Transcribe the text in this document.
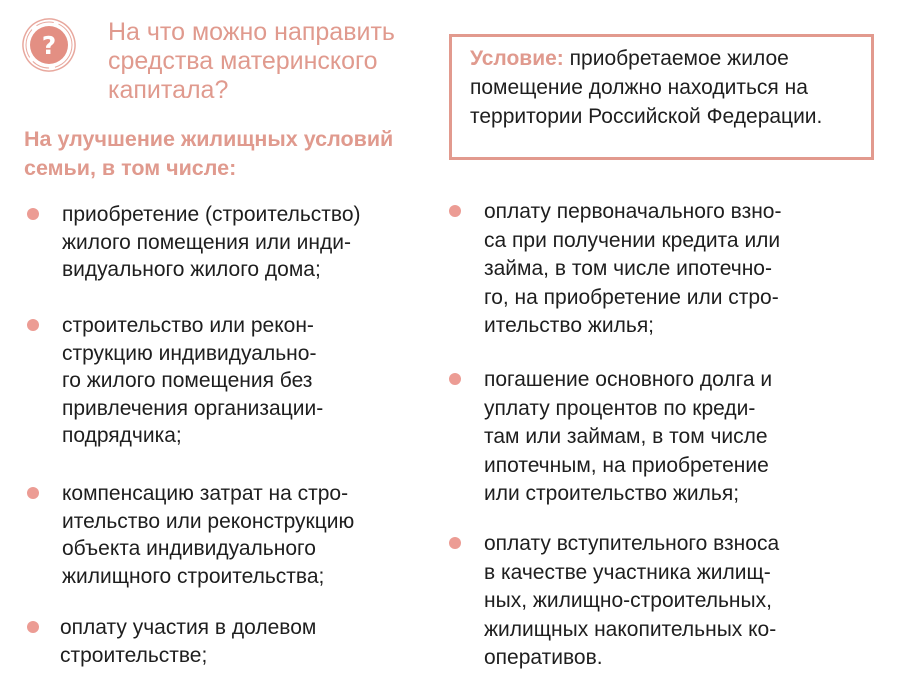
? На что можно направить средства материнского капитала?
На улучшение жилищных условий семьи, в том числе:
Условие: приобретаемое жилое помещение должно находиться на территории Российской Федерации.
приобретение (строительство)
жилого помещения или инди-
видуального жилого дома;
строительство или рекон-
струкцию индивидуально-
го жилого помещения без
привлечения организации-
подрядчика;
компенсацию затрат на стро-
ительство или реконструкцию
объекта индивидуального
жилищного строительства;
оплату участия в долевом
строительстве;
оплату первоначального взно-
са при получении кредита или
займа, в том числе ипотечно-
го, на приобретение или стро-
ительство жилья;
погашение основного долга и
уплату процентов по креди-
там или займам, в том числе
ипотечным, на приобретение
или строительство жилья;
оплату вступительного взноса
в качестве участника жилищ-
ных, жилищно-строительных,
жилищных накопительных ко-
оперативов.
